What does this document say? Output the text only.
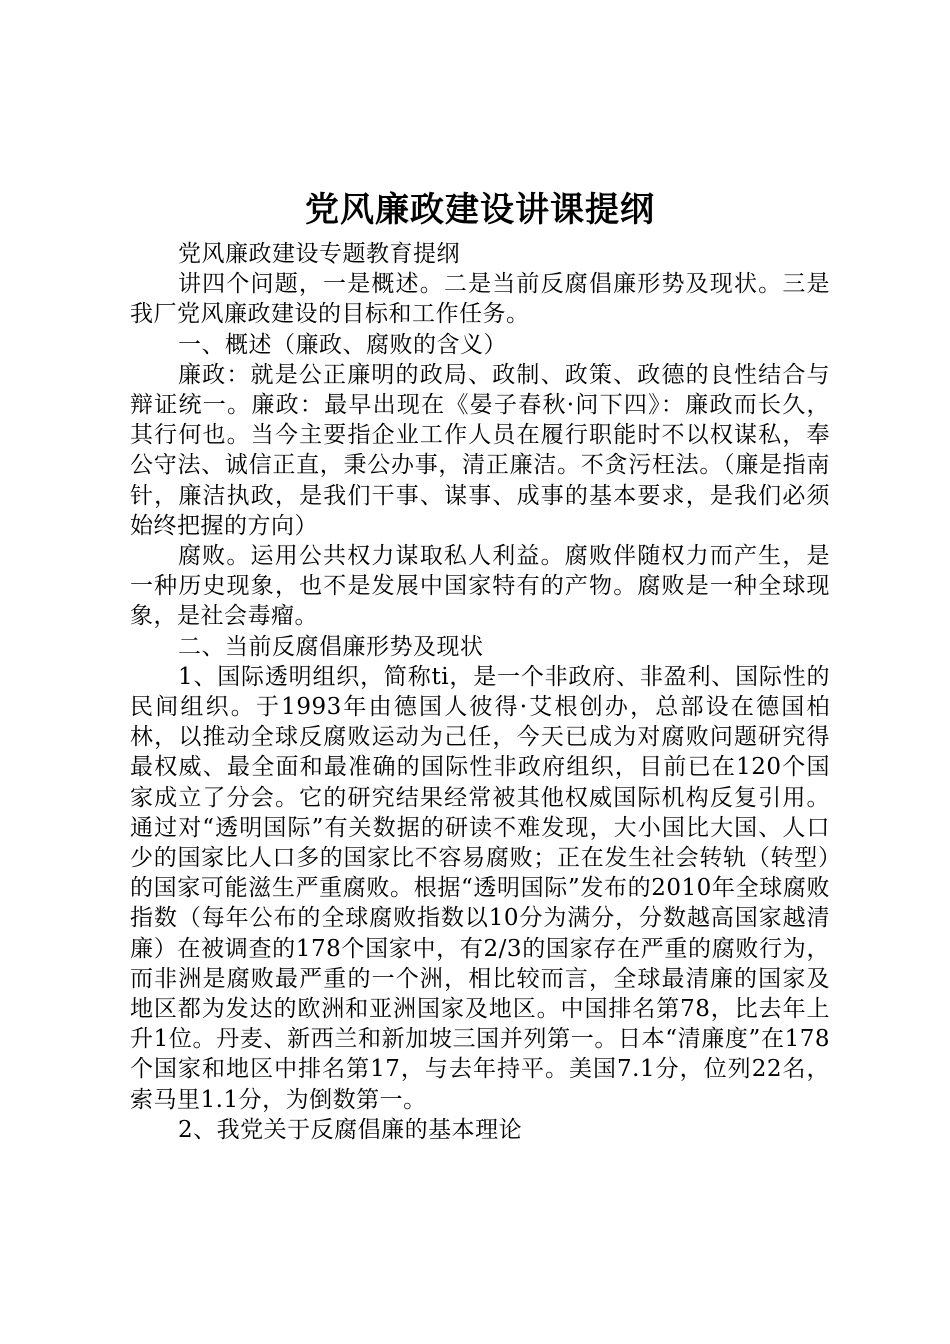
党风廉政建设讲课提纲

党风廉政建设专题教育提纲

讲四个问题，一是概述。二是当前反腐倡廉形势及现状。三是我厂党风廉政建设的目标和工作任务。

一、概述（廉政、腐败的含义）

廉政：就是公正廉明的政局、政制、政策、政德的良性结合与辩证统一。廉政：最早出现在《晏子春秋·问下四》：廉政而长久，其行何也。当今主要指企业工作人员在履行职能时不以权谋私，奉公守法、诚信正直，秉公办事，清正廉洁。不贪污枉法。（廉是指南针，廉洁执政，是我们干事、谋事、成事的基本要求，是我们必须始终把握的方向）

腐败。运用公共权力谋取私人利益。腐败伴随权力而产生，是一种历史现象，也不是发展中国家特有的产物。腐败是一种全球现象，是社会毒瘤。

二、当前反腐倡廉形势及现状

1、国际透明组织，简称ti，是一个非政府、非盈利、国际性的民间组织。于1993年由德国人彼得·艾根创办，总部设在德国柏林，以推动全球反腐败运动为己任，今天已成为对腐败问题研究得最权威、最全面和最准确的国际性非政府组织，目前已在120个国家成立了分会。它的研究结果经常被其他权威国际机构反复引用。通过对“透明国际”有关数据的研读不难发现，大小国比大国、人口少的国家比人口多的国家比不容易腐败；正在发生社会转轨（转型）的国家可能滋生严重腐败。根据“透明国际”发布的2010年全球腐败指数（每年公布的全球腐败指数以10分为满分，分数越高国家越清廉）在被调查的178个国家中，有2/3的国家存在严重的腐败行为，而非洲是腐败最严重的一个洲，相比较而言，全球最清廉的国家及地区都为发达的欧洲和亚洲国家及地区。中国排名第78，比去年上升1位。丹麦、新西兰和新加坡三国并列第一。日本“清廉度”在178个国家和地区中排名第17，与去年持平。美国7.1分，位列22名，索马里1.1分，为倒数第一。

2、我党关于反腐倡廉的基本理论
